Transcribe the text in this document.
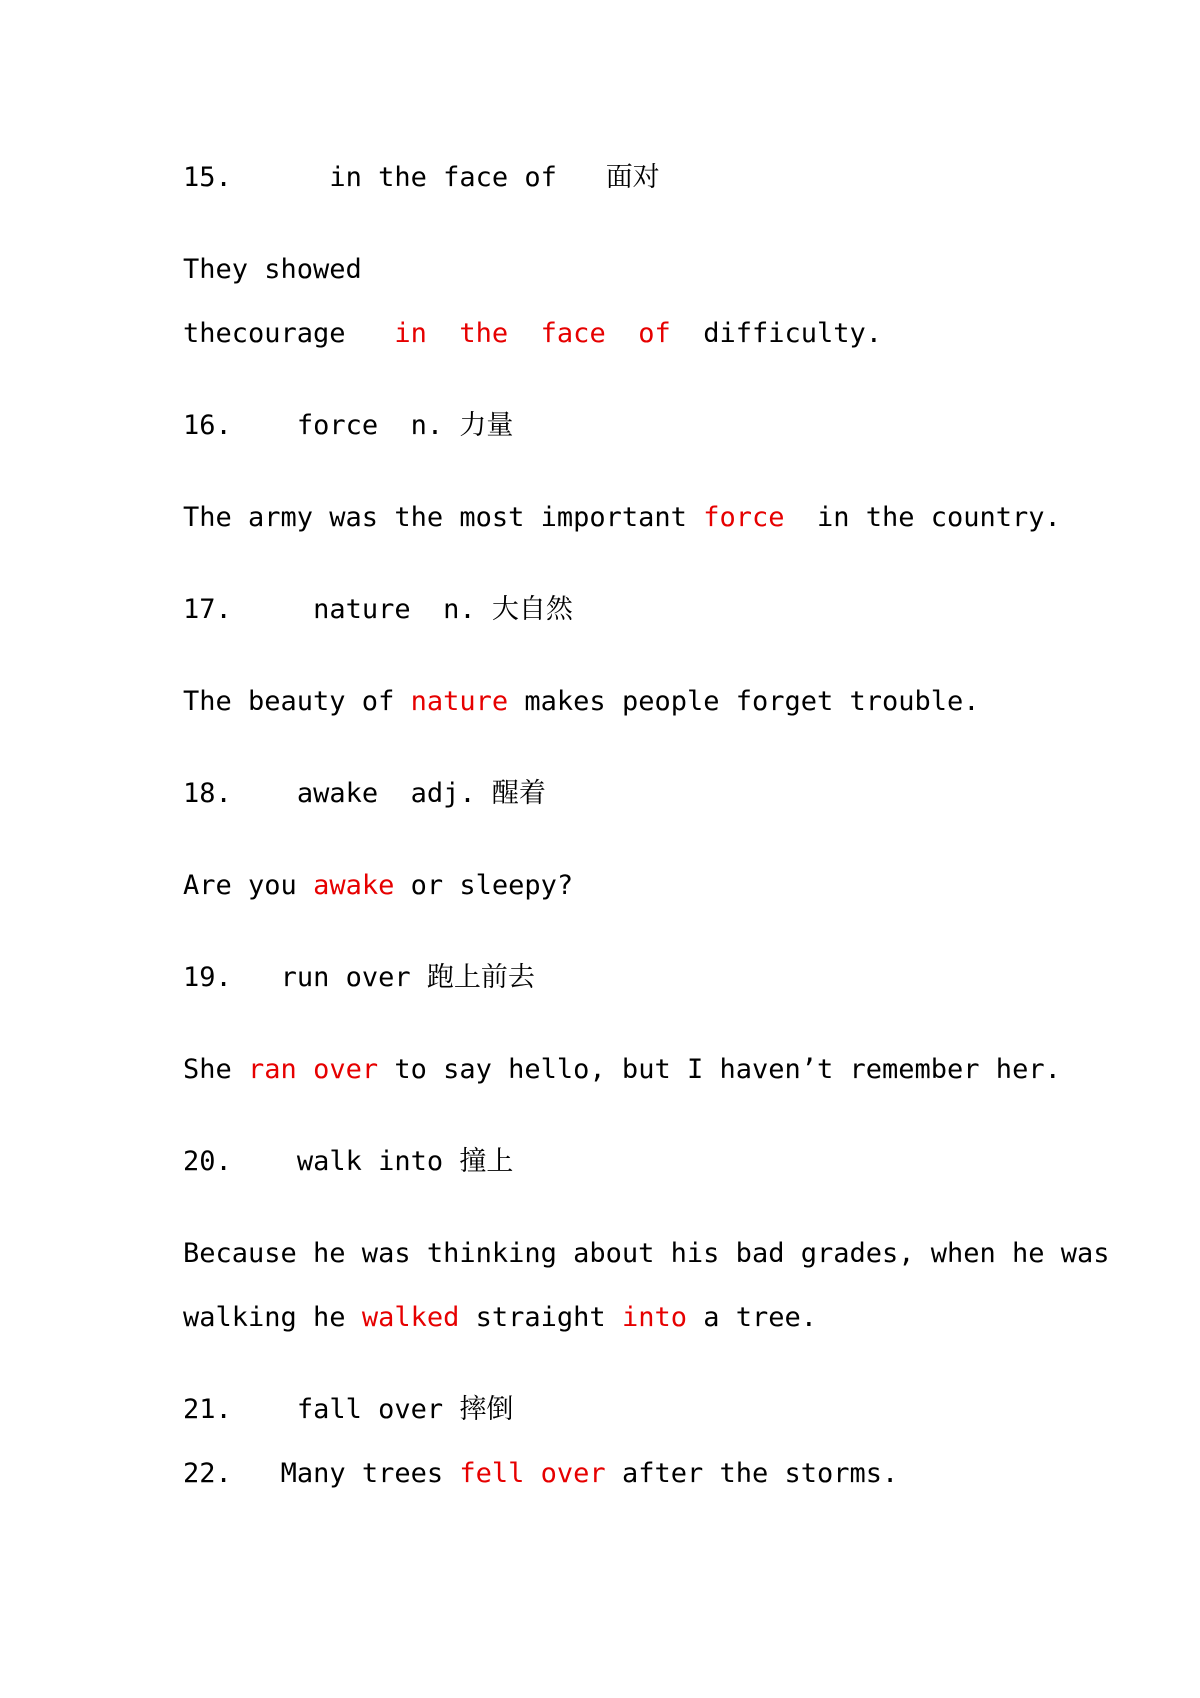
15.	in the face of 面对
They showed
thecourage in the face of difficulty.
16. force n. 力量
The army was the most important force in the country.
17.	nature n. 大自然
The beauty of nature makes people forget trouble.
18. awake adj. 醒着
Are you awake or sleepy?
19. run over 跑上前去
She ran over to say hello, but I haven’t remember her.
20. walk into 撞上
Because he was thinking about his bad grades, when he was
walking he walked straight into a tree.
21. fall over 摔倒
22. Many trees fell over after the storms.
